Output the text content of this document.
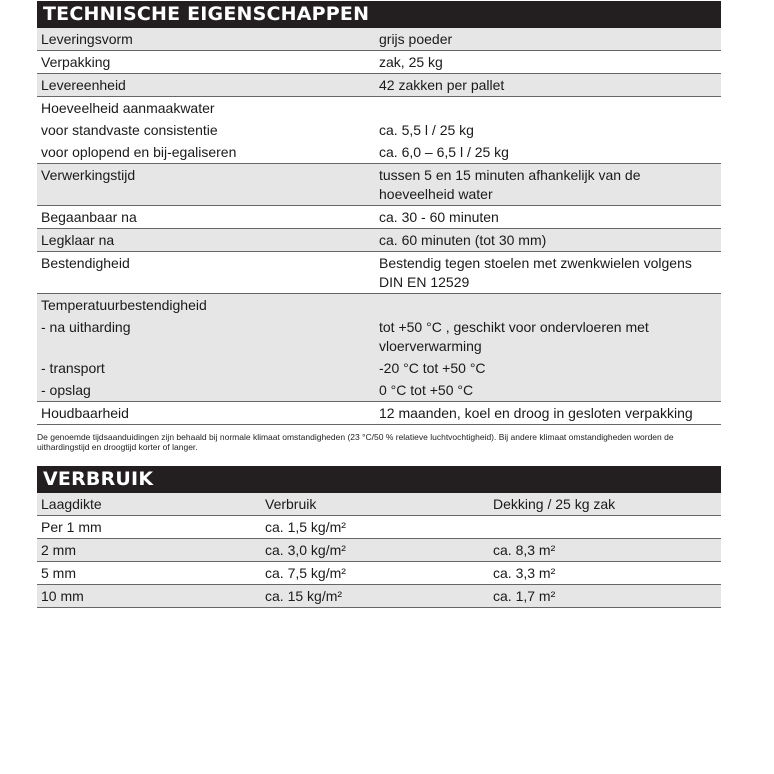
TECHNISCHE EIGENSCHAPPEN
Leveringsvorm	grijs poeder
Verpakking	zak, 25 kg
Levereenheid	42 zakken per pallet
Hoeveelheid aanmaakwater
voor standvaste consistentie	ca. 5,5 l / 25 kg
voor oplopend en bij-egaliseren	ca. 6,0 – 6,5 l / 25 kg
Verwerkingstijd	tussen 5 en 15 minuten afhankelijk van de hoeveelheid water
Begaanbaar na	ca. 30 - 60 minuten
Legklaar na	ca. 60 minuten (tot 30 mm)
Bestendigheid	Bestendig tegen stoelen met zwenkwielen volgens DIN EN 12529
Temperatuurbestendigheid
- na uitharding	tot +50 °C , geschikt voor ondervloeren met vloerverwarming
- transport	-20 °C tot +50 °C
- opslag	0 °C tot +50 °C
Houdbaarheid	12 maanden, koel en droog in gesloten verpakking
De genoemde tijdsaanduidingen zijn behaald bij normale klimaat omstandigheden (23 °C/50 % relatieve luchtvochtigheid). Bij andere klimaat omstandigheden worden de uithardingstijd en droogtijd korter of langer.
VERBRUIK
Laagdikte	Verbruik	Dekking / 25 kg zak
Per 1 mm	ca. 1,5 kg/m²
2 mm	ca. 3,0 kg/m²	ca. 8,3 m²
5 mm	ca. 7,5 kg/m²	ca. 3,3 m²
10 mm	ca. 15 kg/m²	ca. 1,7 m²
